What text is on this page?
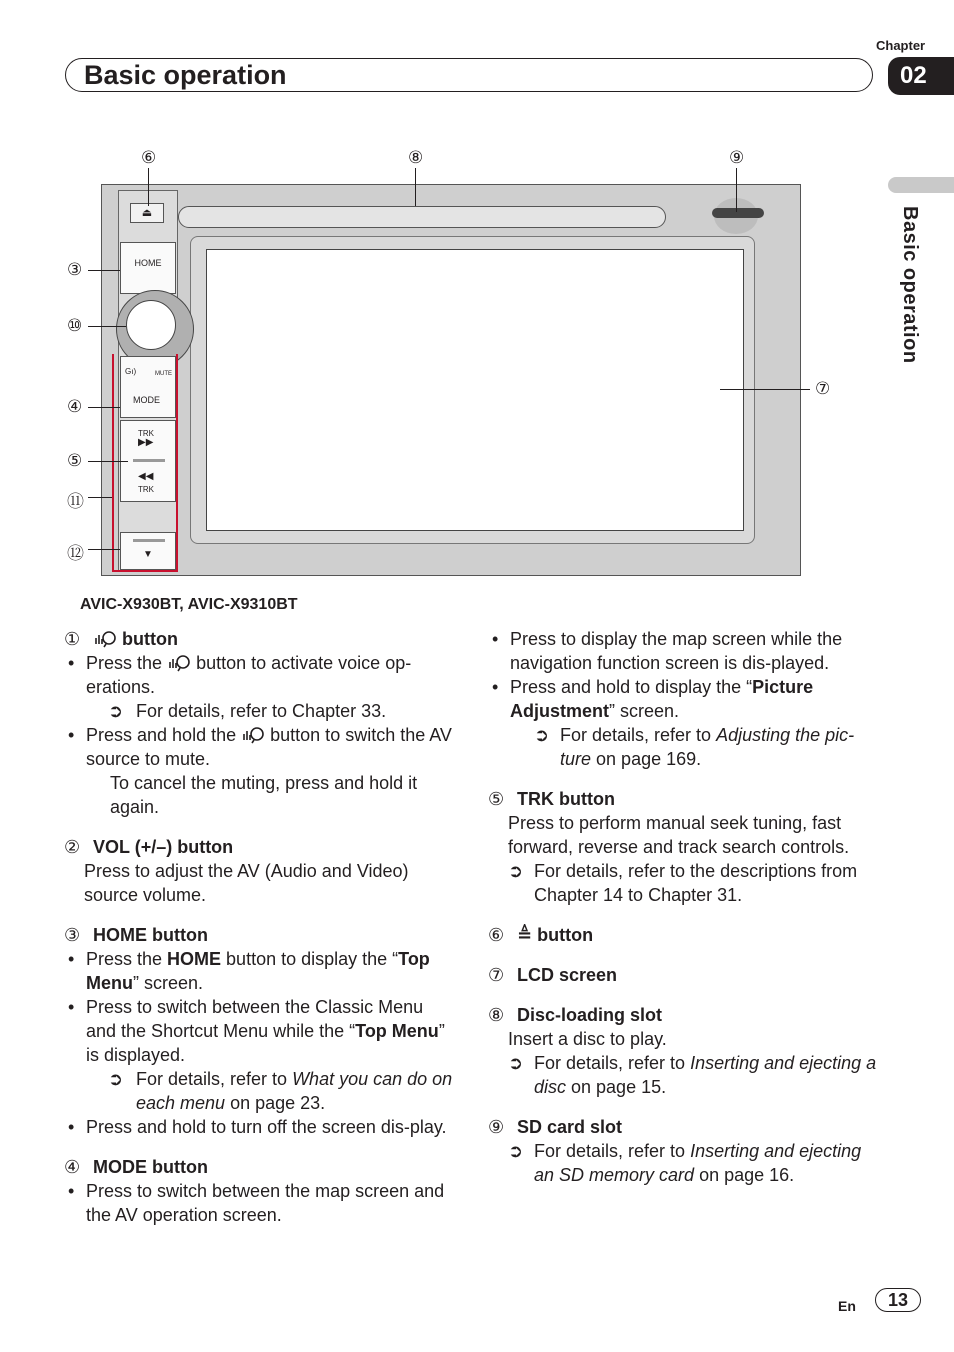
Chapter
Basic operation	02
Basic operation
⏏
HOME
Gı)	MUTE
MODE
TRK
▶▶
◀◀
TRK
▼
⑥	⑧	⑨
③
⑩
④
⑤
⑪
⑫
⑦
AVIC-X930BT, AVIC-X9310BT

① button

• Press the button to activate voice op-erations.

➲ For details, refer to Chapter 33.

• Press and hold the button to switch the AV source to mute.

To cancel the muting, press and hold it again.

② VOL (+/–) button

Press to adjust the AV (Audio and Video) source volume.

③ HOME button

• Press the HOME button to display the “Top Menu” screen.

• Press to switch between the Classic Menu and the Shortcut Menu while the “Top Menu” is displayed.

➲ For details, refer to What you can do on each menu on page 23.

• Press and hold to turn off the screen dis-play.

④ MODE button

• Press to switch between the map screen and the AV operation screen.

• Press to display the map screen while the navigation function screen is dis-played.

• Press and hold to display the “Picture Adjustment” screen.

➲ For details, refer to Adjusting the pic-ture on page 169.

⑤ TRK button

Press to perform manual seek tuning, fast forward, reverse and track search controls.

➲ For details, refer to the descriptions from Chapter 14 to Chapter 31.

⑥ ≜ button

⑦ LCD screen

⑧ Disc-loading slot

Insert a disc to play.

➲ For details, refer to Inserting and ejecting a disc on page 15.

⑨ SD card slot

➲ For details, refer to Inserting and ejecting an SD memory card on page 16.

En	13
